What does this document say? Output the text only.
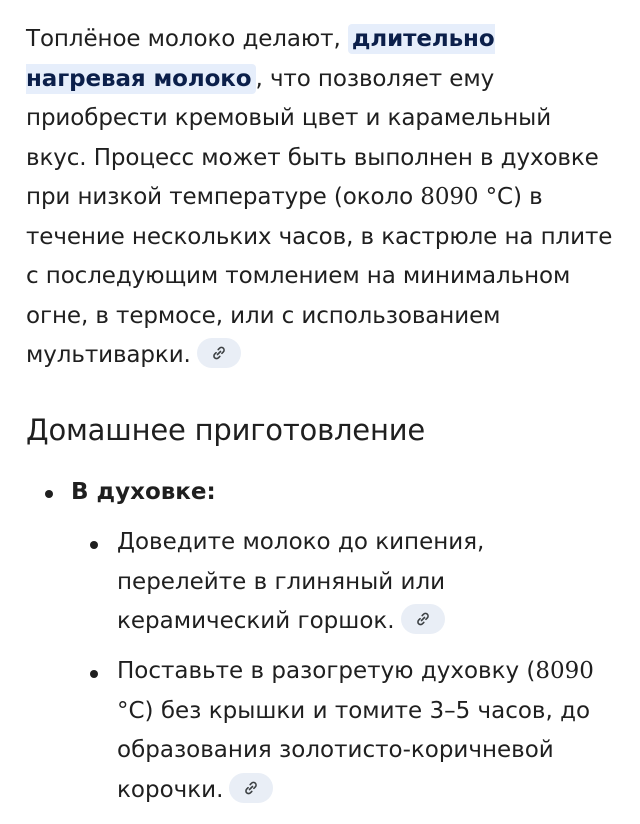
Топлёное молоко делают, длительно нагревая молоко , что позволяет ему приобрести кремовый цвет и карамельный вкус. Процесс может быть выполнен в духовке при низкой температуре (около 8090 °C) в течение нескольких часов, в кастрюле на плите с последующим томлением на минимальном огне, в термосе, или с использованием мультиварки.

Домашнее приготовление
В духовке:
Доведите молоко до кипения, перелейте в глиняный или керамический горшок.
Поставьте в разогретую духовку (8090 °C) без крышки и томите 3–5 часов, до образования золотисто-коричневой корочки.
